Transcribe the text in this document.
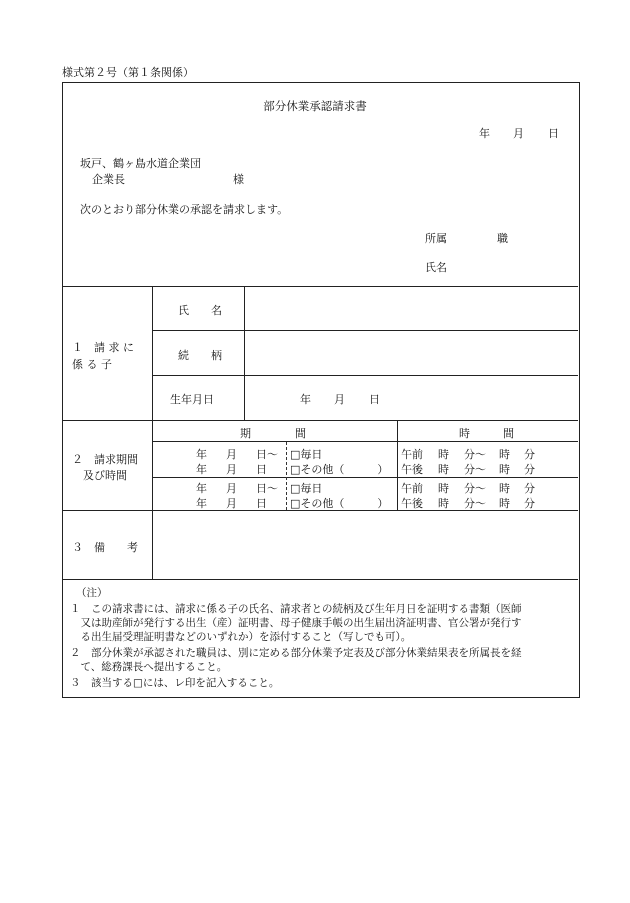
様式第２号（第１条関係）
部分休業承認請求書
年 月 日
坂戸、鶴ヶ島水道企業団
企業長	様
次のとおり部分休業の承認を請求します。
所属	職
氏名
１　請 求 に
係 る 子
氏　　名
続　　柄
生年月日	年 月 日
２　請求期間
及び時間
期　　　　間	時　　　間
年 月 日～ □毎日	午前 時 分～ 時 分
年 月 日 □その他（　　　） 午後 時 分～ 時 分
年 月 日～ □毎日	午前 時 分～ 時 分
年 月 日 □その他（　　　） 午後 時 分～ 時 分
３　備　　考
（注）
１　この請求書には、請求に係る子の氏名、請求者との続柄及び生年月日を証明する書類（医師
　又は助産師が発行する出生（産）証明書、母子健康手帳の出生届出済証明書、官公署が発行す
　る出生届受理証明書などのいずれか）を添付すること（写しでも可）。
２　部分休業が承認された職員は、別に定める部分休業予定表及び部分休業結果表を所属長を経
　て、総務課長へ提出すること。
３　該当する□には、レ印を記入すること。
